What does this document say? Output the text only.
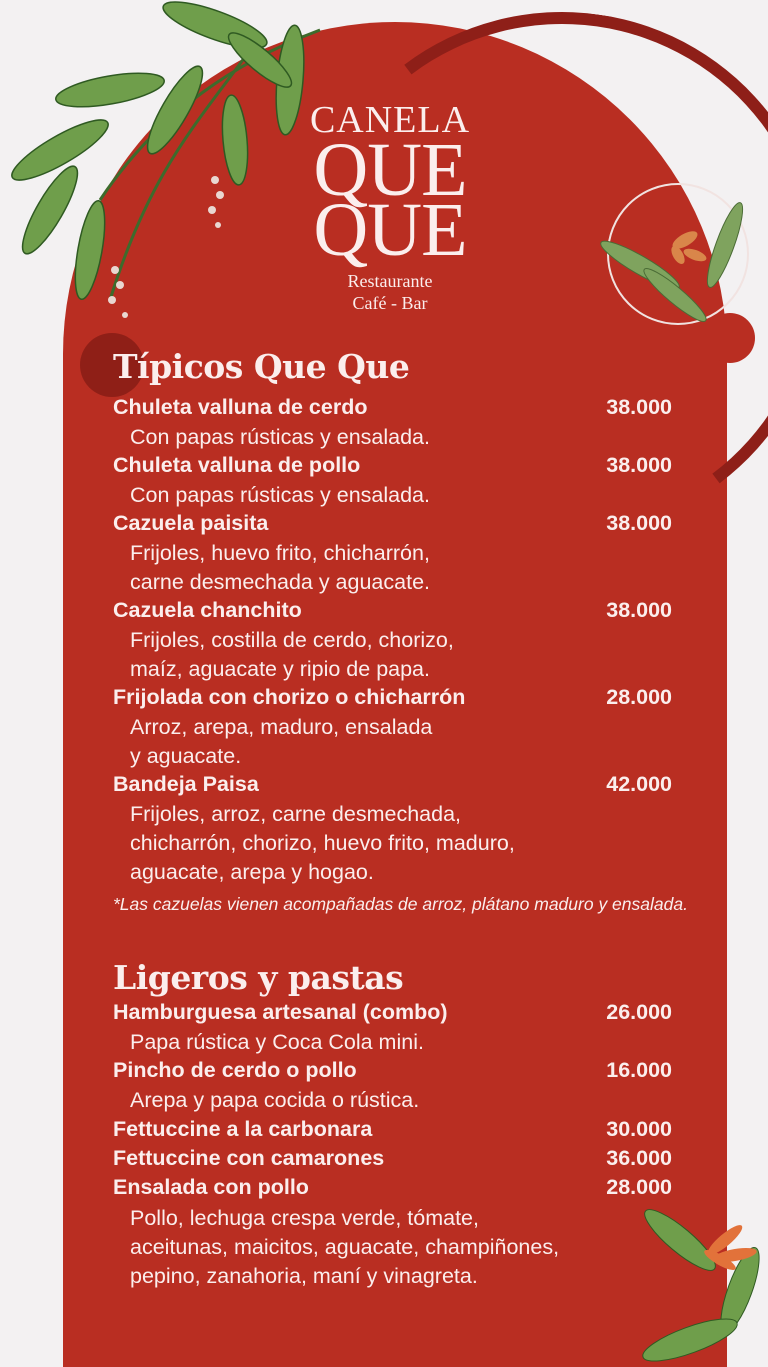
CANELA
QUE
QUE
Restaurante
Café - Bar
Típicos Que Que
Chuleta valluna de cerdo	38.000
Con papas rústicas y ensalada.
Chuleta valluna de pollo	38.000
Con papas rústicas y ensalada.
Cazuela paisita	38.000
Frijoles, huevo frito, chicharrón,
carne desmechada y aguacate.
Cazuela chanchito	38.000
Frijoles, costilla de cerdo, chorizo,
maíz, aguacate y ripio de papa.
Frijolada con chorizo o chicharrón	28.000
Arroz, arepa, maduro, ensalada
y aguacate.
Bandeja Paisa	42.000
Frijoles, arroz, carne desmechada,
chicharrón, chorizo, huevo frito, maduro,
aguacate, arepa y hogao.
*Las cazuelas vienen acompañadas de arroz, plátano maduro y ensalada.
Ligeros y pastas
Hamburguesa artesanal (combo)	26.000
Papa rústica y Coca Cola mini.
Pincho de cerdo o pollo	16.000
Arepa y papa cocida o rústica.
Fettuccine a la carbonara	30.000
Fettuccine con camarones	36.000
Ensalada con pollo	28.000
Pollo, lechuga crespa verde, tómate,
aceitunas, maicitos, aguacate, champiñones,
pepino, zanahoria, maní y vinagreta.
